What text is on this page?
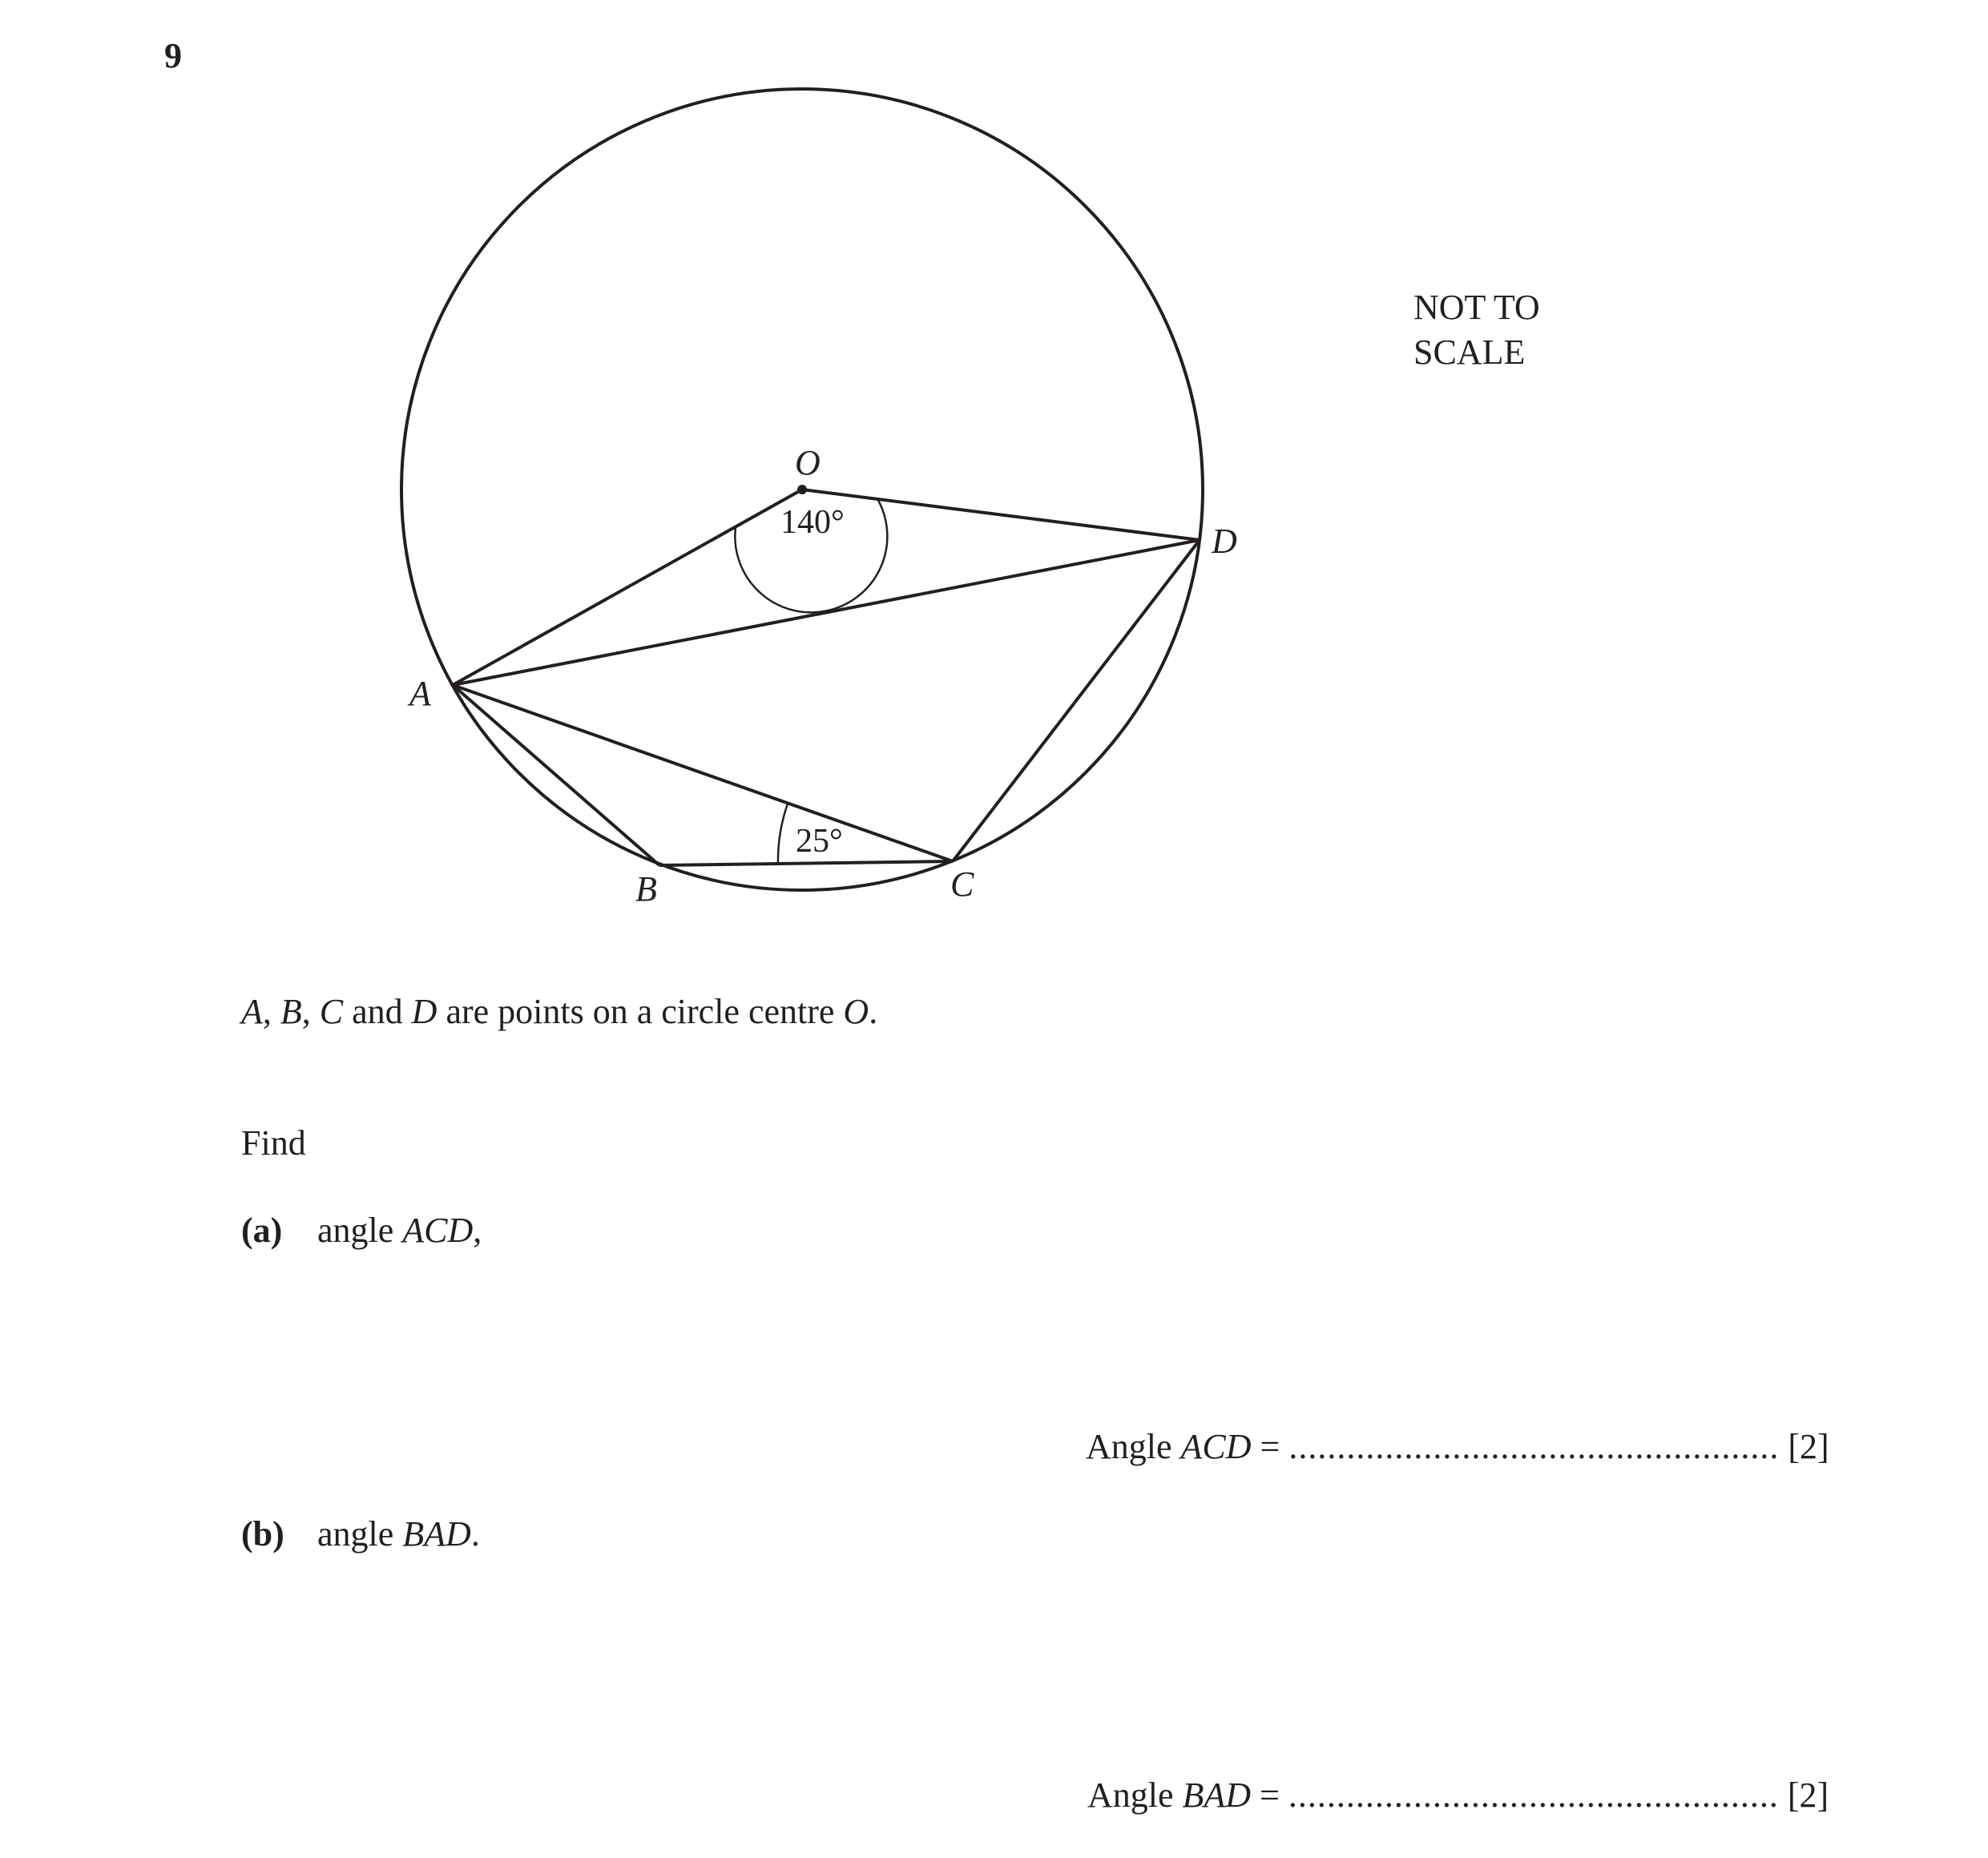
9
O
A
B	C
D
140°
25°
NOT TO
SCALE
A, B, C and D are points on a circle centre O.
Find
(a) angle ACD,
Angle ACD = ................................................... [2]
(b) angle BAD.
Angle BAD = ................................................... [2]
